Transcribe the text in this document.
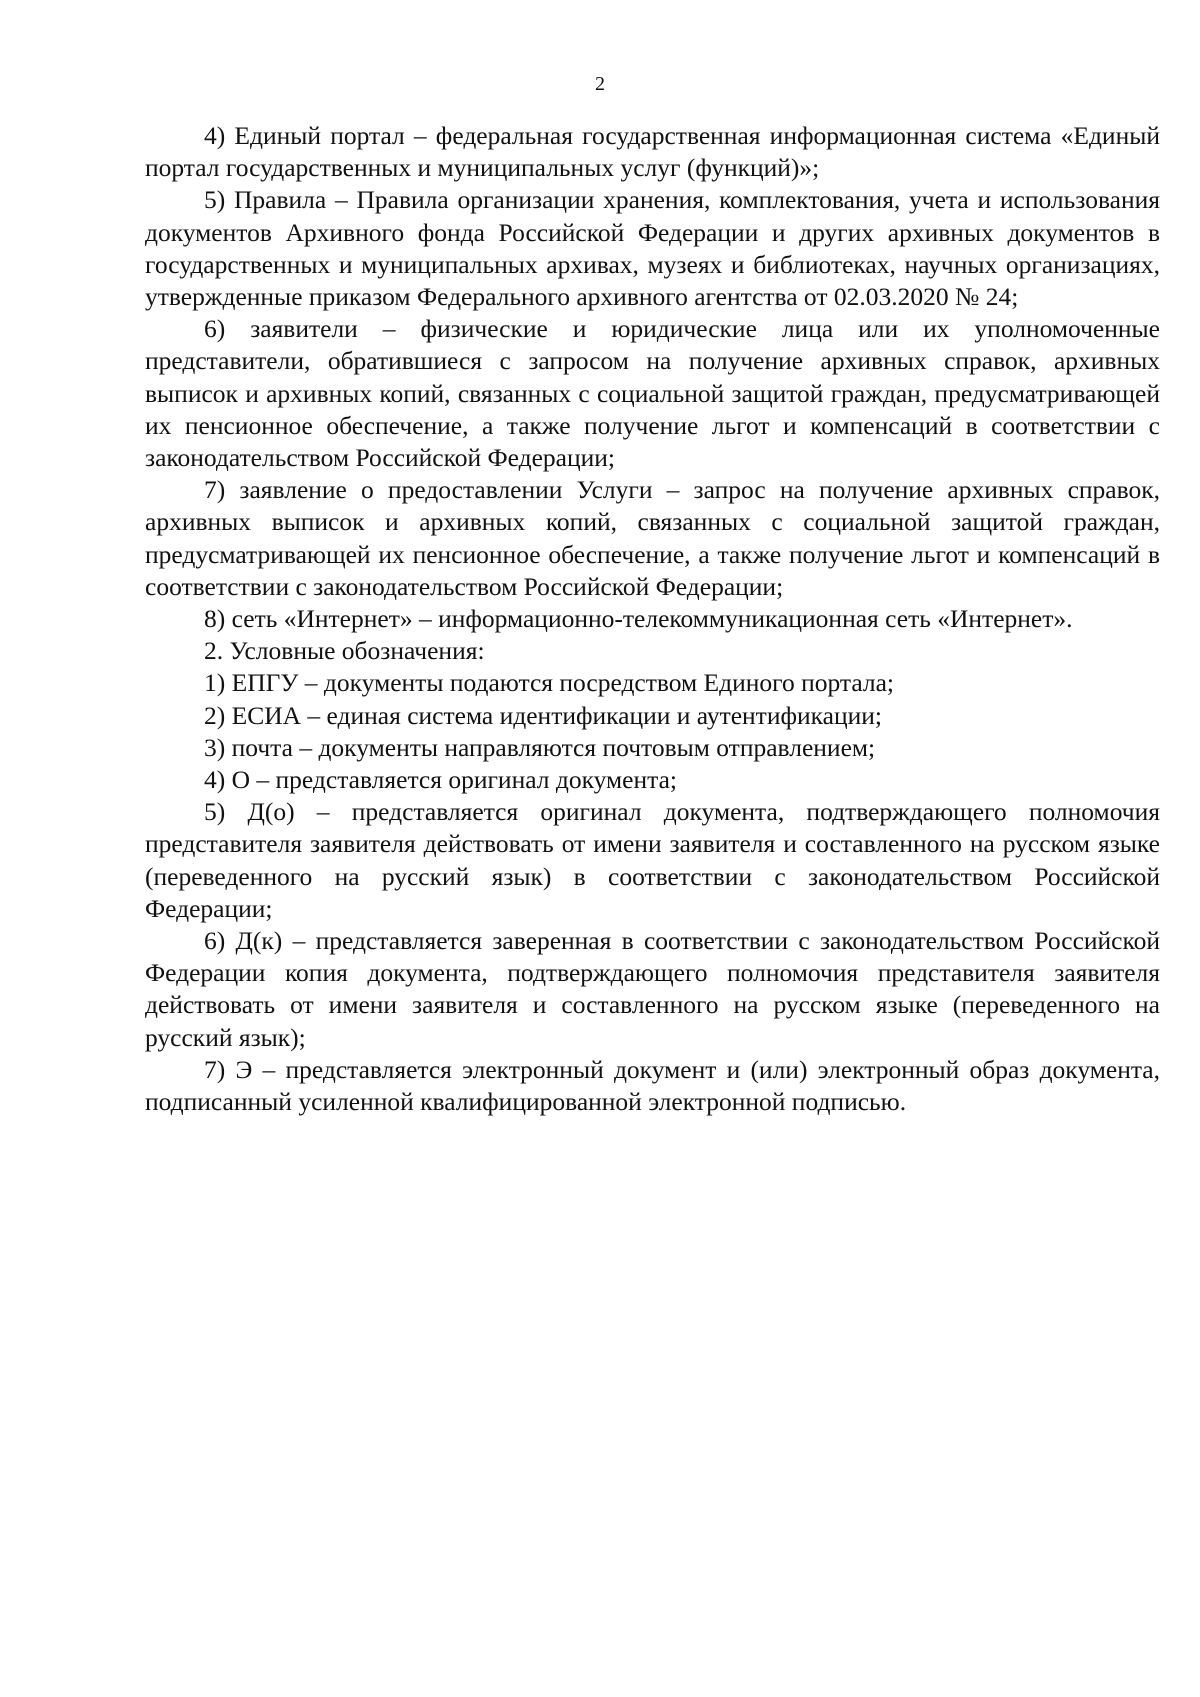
2

4) Единый портал – федеральная государственная информационная система «Единый портал государственных и муниципальных услуг (функций)»;

5) Правила – Правила организации хранения, комплектования, учета и использования документов Архивного фонда Российской Федерации и других архивных документов в государственных и муниципальных архивах, музеях и библиотеках, научных организациях, утвержденные приказом Федерального архивного агентства от 02.03.2020 № 24;

6) заявители – физические и юридические лица или их уполномоченные представители, обратившиеся с запросом на получение архивных справок, архивных выписок и архивных копий, связанных с социальной защитой граждан, предусматривающей их пенсионное обеспечение, а также получение льгот и компенсаций в соответствии с законодательством Российской Федерации;

7) заявление о предоставлении Услуги – запрос на получение архивных справок, архивных выписок и архивных копий, связанных с социальной защитой граждан, предусматривающей их пенсионное обеспечение, а также получение льгот и компенсаций в соответствии с законодательством Российской Федерации;

8) сеть «Интернет» – информационно-телекоммуникационная сеть «Интернет».

2. Условные обозначения:

1) ЕПГУ – документы подаются посредством Единого портала;

2) ЕСИА – единая система идентификации и аутентификации;

3) почта – документы направляются почтовым отправлением;

4) О – представляется оригинал документа;

5) Д(о) – представляется оригинал документа, подтверждающего полномочия представителя заявителя действовать от имени заявителя и составленного на русском языке (переведенного на русский язык) в соответствии с законодательством Российской Федерации;

6) Д(к) – представляется заверенная в соответствии с законодательством Российской Федерации копия документа, подтверждающего полномочия представителя заявителя действовать от имени заявителя и составленного на русском языке (переведенного на русский язык);

7) Э – представляется электронный документ и (или) электронный образ документа, подписанный усиленной квалифицированной электронной подписью.
